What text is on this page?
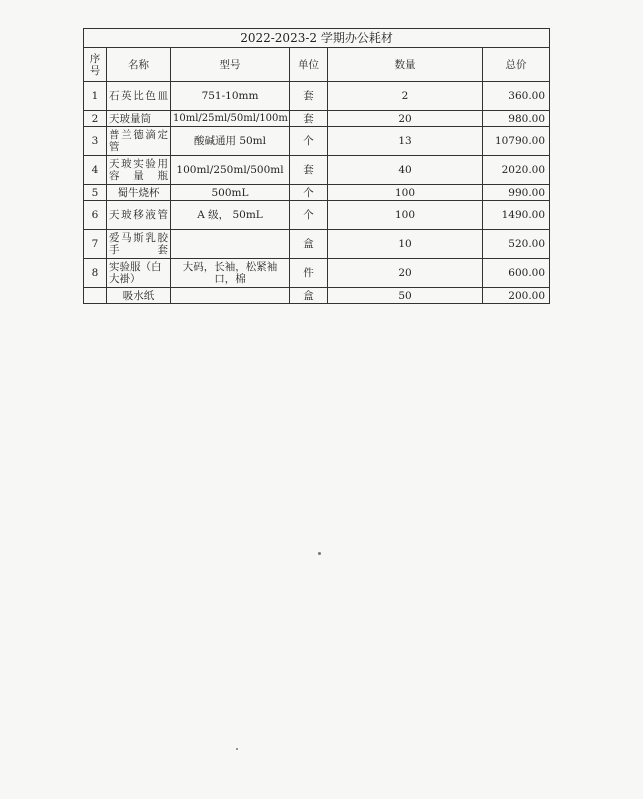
2022-2023-2 学期办公耗材					
序号	名称	型号	单位	数量	总价
1	石英比色皿	751-10mm	套	2	360.00
2	天玻量筒	10ml/25ml/50ml/100m	套	20	980.00
3	普兰德滴定管	酸碱通用 50ml	个	13	10790.00
4	天玻实验用容量瓶	100ml/250ml/500ml	套	40	2020.00
5	蜀牛烧杯	500mL	个	100	990.00
6	天玻移液管	A 级， 50mL	个	100	1490.00
7	爱马斯乳胶手套		盒	10	520.00
8	实验服（白大褂）	大码，长袖，松紧袖口，棉	件	20	600.00
	吸水纸		盒	50	200.00
